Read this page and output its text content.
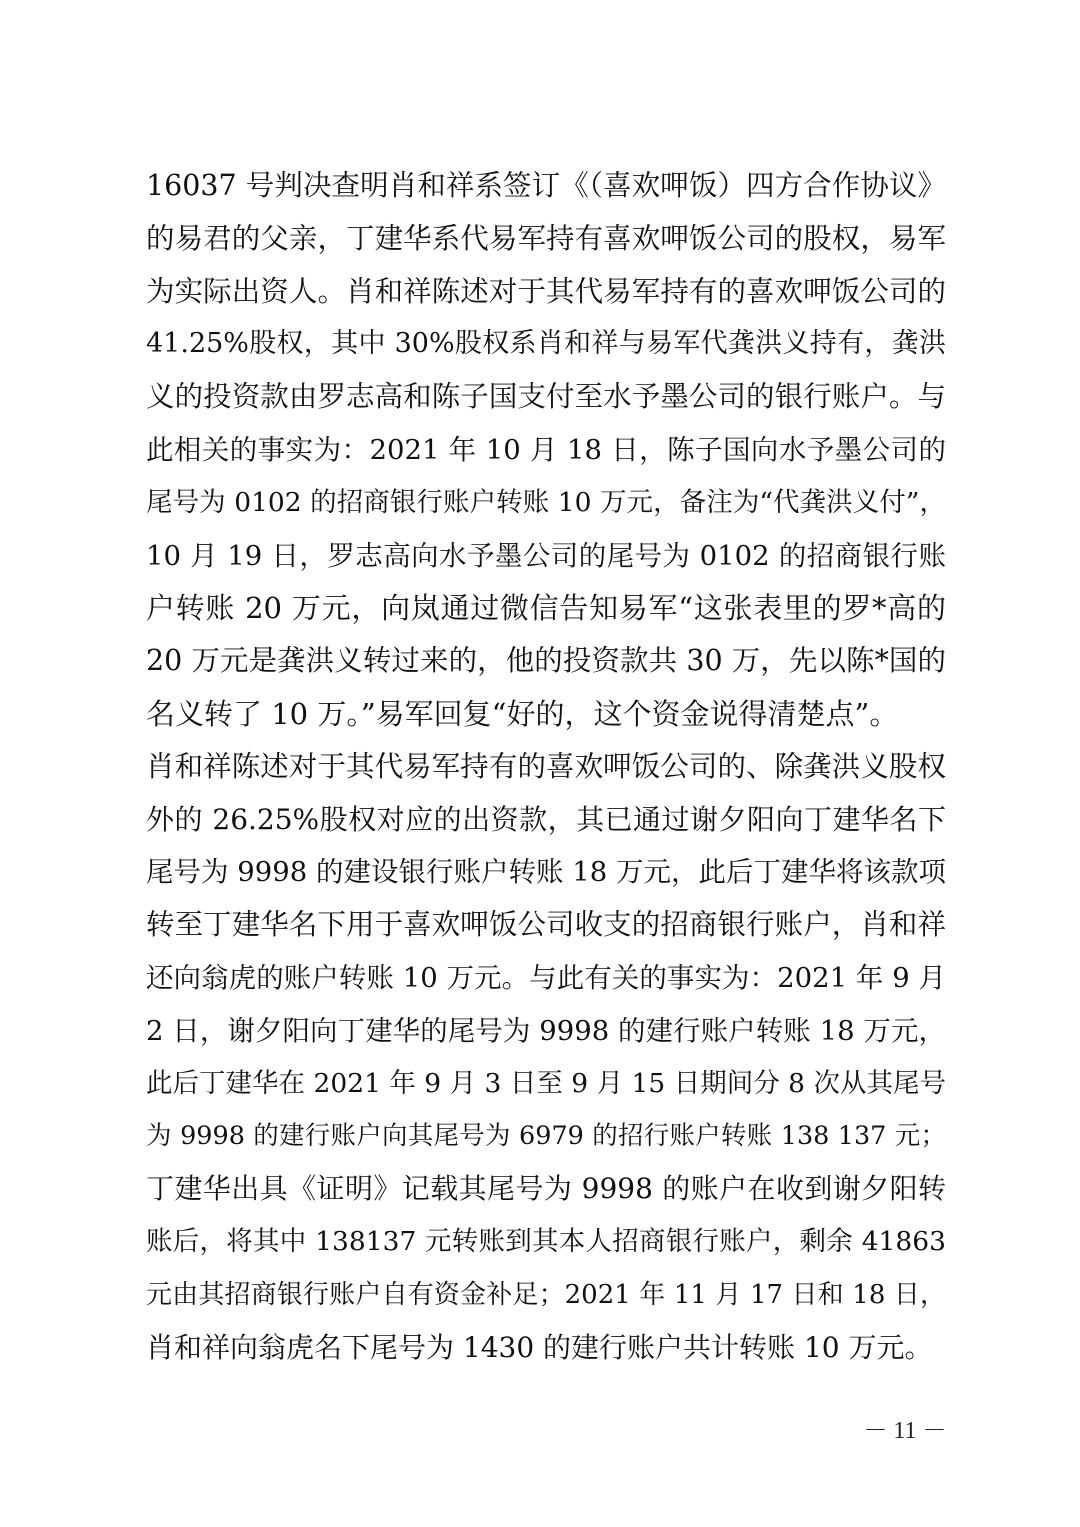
16037 号判决查明肖和祥系签订《（喜欢呷饭）四方合作协议》
的易君的父亲，丁建华系代易军持有喜欢呷饭公司的股权，易军
为实际出资人。肖和祥陈述对于其代易军持有的喜欢呷饭公司的
41.25%股权，其中 30%股权系肖和祥与易军代龚洪义持有，龚洪
义的投资款由罗志高和陈子国支付至水予墨公司的银行账户。与
此相关的事实为：2021 年 10 月 18 日，陈子国向水予墨公司的
尾号为 0102 的招商银行账户转账 10 万元，备注为“代龚洪义付”，
10 月 19 日，罗志高向水予墨公司的尾号为 0102 的招商银行账
户转账 20 万元，向岚通过微信告知易军“这张表里的罗*高的
20 万元是龚洪义转过来的，他的投资款共 30 万，先以陈*国的
名义转了 10 万。”易军回复“好的，这个资金说得清楚点”。
肖和祥陈述对于其代易军持有的喜欢呷饭公司的、除龚洪义股权
外的 26.25%股权对应的出资款，其已通过谢夕阳向丁建华名下
尾号为 9998 的建设银行账户转账 18 万元，此后丁建华将该款项
转至丁建华名下用于喜欢呷饭公司收支的招商银行账户，肖和祥
还向翁虎的账户转账 10 万元。与此有关的事实为：2021 年 9 月
2 日，谢夕阳向丁建华的尾号为 9998 的建行账户转账 18 万元，
此后丁建华在 2021 年 9 月 3 日至 9 月 15 日期间分 8 次从其尾号
为 9998 的建行账户向其尾号为 6979 的招行账户转账 138 137 元；
丁建华出具《证明》记载其尾号为 9998 的账户在收到谢夕阳转
账后，将其中 138137 元转账到其本人招商银行账户，剩余 41863
元由其招商银行账户自有资金补足；2021 年 11 月 17 日和 18 日，
肖和祥向翁虎名下尾号为 1430 的建行账户共计转账 10 万元。
－ 11 －
